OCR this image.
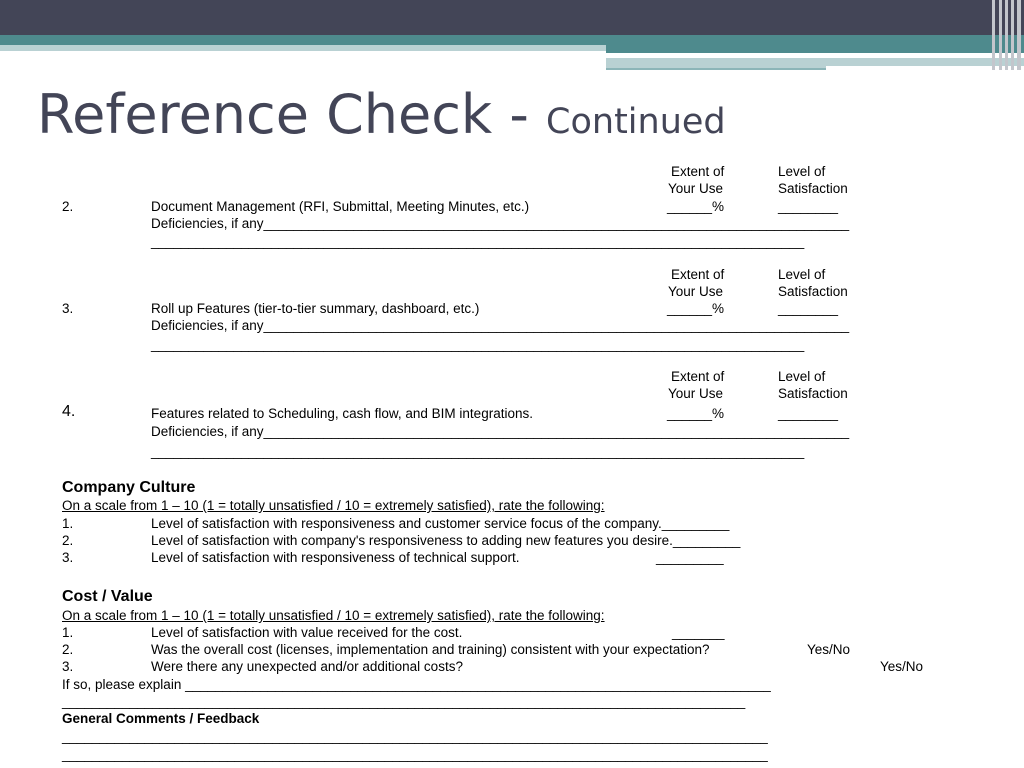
Reference Check - Continued
Extent of
Your Use
Level of
Satisfaction
2.	Document Management (RFI, Submittal, Meeting Minutes, etc.)	______%	________
Deficiencies, if any______________________________________________________________________________
_______________________________________________________________________________________
Extent of
Your Use
Level of
Satisfaction
3.	Roll up Features (tier-to-tier summary, dashboard, etc.)	______%	________
Deficiencies, if any______________________________________________________________________________
_______________________________________________________________________________________
Extent of
Your Use
Level of
Satisfaction
4.	Features related to Scheduling, cash flow, and BIM integrations.	______%	________
Deficiencies, if any______________________________________________________________________________
_______________________________________________________________________________________
Company Culture
On a scale from 1 – 10 (1 = totally unsatisfied / 10 = extremely satisfied), rate the following:
1.	Level of satisfaction with responsiveness and customer service focus of the company._________
2.	Level of satisfaction with company's responsiveness to adding new features you desire._________
3.	Level of satisfaction with responsiveness of technical support.	_________
Cost / Value
On a scale from 1 – 10 (1 = totally unsatisfied / 10 = extremely satisfied), rate the following:
1.	Level of satisfaction with value received for the cost.	_______
2.	Was the overall cost (licenses, implementation and training) consistent with your expectation?	Yes/No
3.	Were there any unexpected and/or additional costs?	Yes/No
If so, please explain ______________________________________________________________________________
___________________________________________________________________________________________
General Comments / Feedback
______________________________________________________________________________________________
______________________________________________________________________________________________
